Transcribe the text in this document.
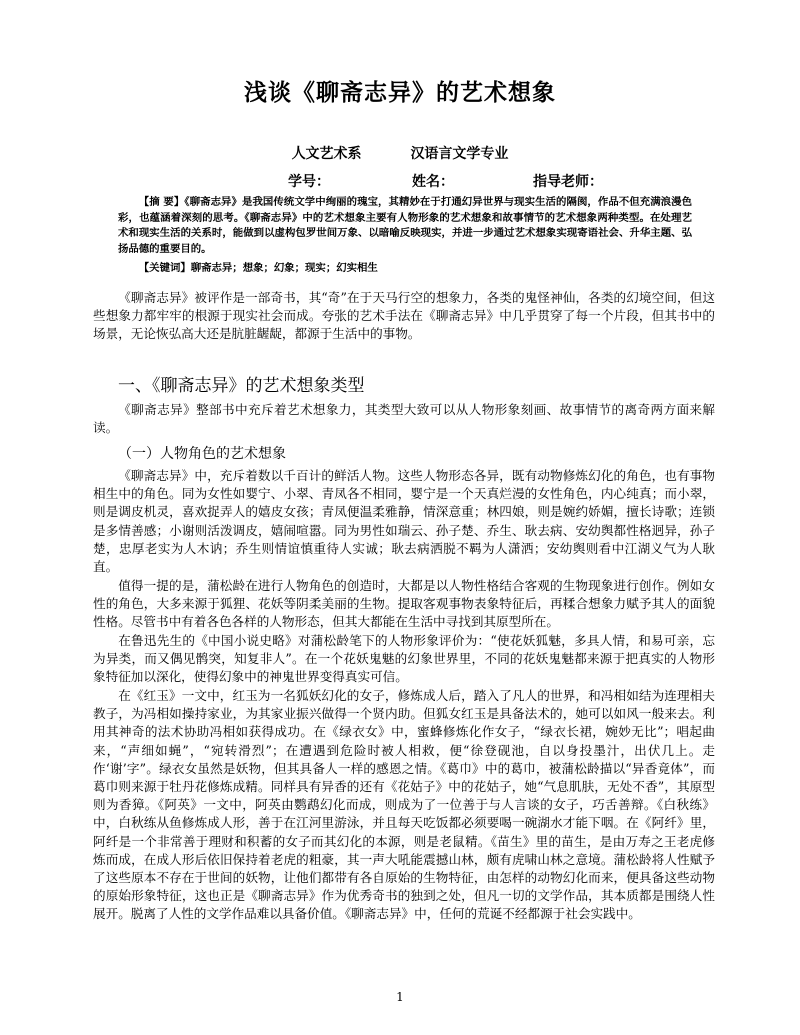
浅谈《聊斋志异》的艺术想象
人文艺术系	汉语言文学专业
学号：	姓名：	指导老师：
【摘 要】《聊斋志异》是我国传统文学中绚丽的瑰宝，其精妙在于打通幻异世界与现实生活的隔阂，作品不但充满浪漫色彩，也蕴涵着深刻的思考。《聊斋志异》中的艺术想象主要有人物形象的艺术想象和故事情节的艺术想象两种类型。在处理艺术和现实生活的关系时，能做到以虚构包罗世间万象、以暗喻反映现实，并进一步通过艺术想象实现寄语社会、升华主题、弘扬品德的重要目的。
【关键词】聊斋志异；想象；幻象；现实；幻实相生

《聊斋志异》被评作是一部奇书，其“奇”在于天马行空的想象力，各类的鬼怪神仙，各类的幻境空间，但这些想象力都牢牢的根源于现实社会而成。夸张的艺术手法在《聊斋志异》中几乎贯穿了每一个片段，但其书中的场景，无论恢弘高大还是肮脏龌龊，都源于生活中的事物。

一、《聊斋志异》的艺术想象类型

《聊斋志异》整部书中充斥着艺术想象力，其类型大致可以从人物形象刻画、故事情节的离奇两方面来解读。

（一）人物角色的艺术想象

《聊斋志异》中，充斥着数以千百计的鲜活人物。这些人物形态各异，既有动物修炼幻化的角色，也有事物相生中的角色。同为女性如婴宁、小翠、青凤各不相同，婴宁是一个天真烂漫的女性角色，内心纯真；而小翠，则是调皮机灵，喜欢捉弄人的嬉皮女孩；青凤便温柔雅静，情深意重；林四娘，则是婉约娇媚，擅长诗歌；连锁是多情善感；小谢则活泼调皮，嬉闹喧嚣。同为男性如瑞云、孙子楚、乔生、耿去病、安幼舆都性格迥异，孙子楚，忠厚老实为人木讷；乔生则情谊慎重待人实诚；耿去病洒脱不羁为人潇洒；安幼舆则看中江湖义气为人耿直。

值得一提的是，蒲松龄在进行人物角色的创造时，大都是以人物性格结合客观的生物现象进行创作。例如女性的角色，大多来源于狐狸、花妖等阴柔美丽的生物。提取客观事物表象特征后，再糅合想象力赋予其人的面貌性格。尽管书中有着各色各样的人物形态，但其大都能在生活中寻找到其原型所在。

在鲁迅先生的《中国小说史略》对蒲松龄笔下的人物形象评价为：“使花妖狐魅，多具人情，和易可亲，忘为异类，而又偶见鹘突，知复非人”。在一个花妖鬼魅的幻象世界里，不同的花妖鬼魅都来源于把真实的人物形象特征加以深化，使得幻象中的神鬼世界变得真实可信。

在《红玉》一文中，红玉为一名狐妖幻化的女子，修炼成人后，踏入了凡人的世界，和冯相如结为连理相夫教子，为冯相如操持家业，为其家业振兴做得一个贤内助。但狐女红玉是具备法术的，她可以如风一般来去。利用其神奇的法术协助冯相如获得成功。在《绿衣女》中，蜜蜂修炼化作女子，“绿衣长裙，婉妙无比”；唱起曲来，“声细如蝇”，“宛转滑烈”；在遭遇到危险时被人相救，便“徐登砚池，自以身投墨汁，出伏几上。走作‘谢’字”。绿衣女虽然是妖物，但其具备人一样的感恩之情。《葛巾》中的葛巾，被蒲松龄描以“异香竟体”，而葛巾则来源于牡丹花修炼成精。同样具有异香的还有《花姑子》中的花姑子，她“气息肌肤，无处不香”，其原型则为香獐。《阿英》一文中，阿英由鹦鹉幻化而成，则成为了一位善于与人言谈的女子，巧舌善辩。《白秋练》中，白秋练从鱼修炼成人形，善于在江河里游泳，并且每天吃饭都必须要喝一碗湖水才能下咽。在《阿纤》里，阿纤是一个非常善于理财和积蓄的女子而其幻化的本源，则是老鼠精。《苗生》里的苗生，是由万寿之王老虎修炼而成，在成人形后依旧保持着老虎的粗豪，其一声大吼能震撼山林，颇有虎啸山林之意境。蒲松龄将人性赋予了这些原本不存在于世间的妖物，让他们都带有各自原始的生物特征，由怎样的动物幻化而来，便具备这些动物的原始形象特征，这也正是《聊斋志异》作为优秀奇书的独到之处，但凡一切的文学作品，其本质都是围绕人性展开。脱离了人性的文学作品难以具备价值。《聊斋志异》中，任何的荒诞不经都源于社会实践中。

1
